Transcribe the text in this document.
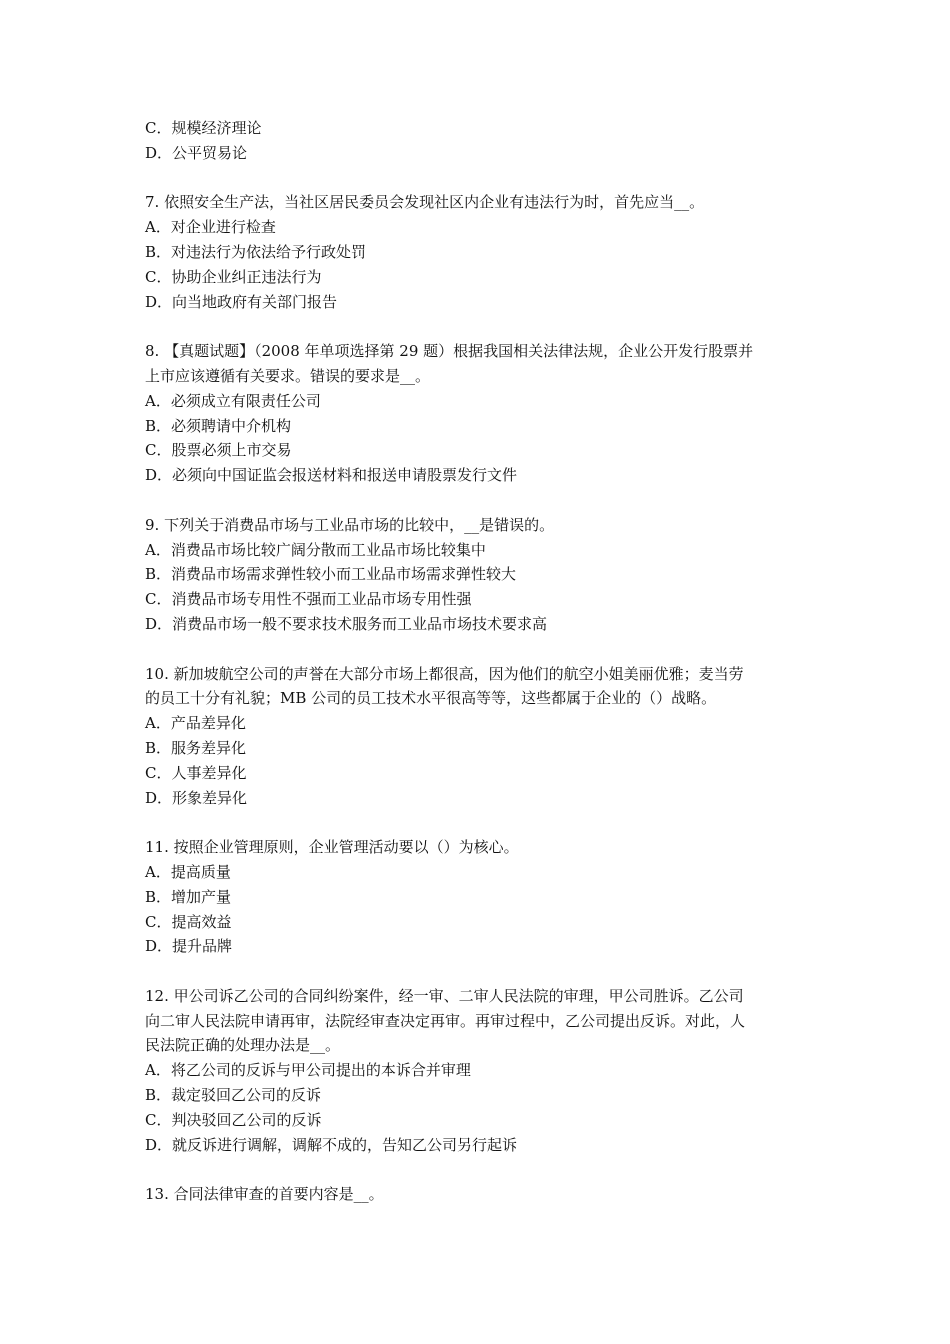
C．规模经济理论

D．公平贸易论

7. 依照安全生产法，当社区居民委员会发现社区内企业有违法行为时，首先应当__。

A．对企业进行检查

B．对违法行为依法给予行政处罚

C．协助企业纠正违法行为

D．向当地政府有关部门报告

8. 【真题试题】（2008 年单项选择第 29 题）根据我国相关法律法规，企业公开发行股票并

上市应该遵循有关要求。错误的要求是__。

A．必须成立有限责任公司

B．必须聘请中介机构

C．股票必须上市交易

D．必须向中国证监会报送材料和报送申请股票发行文件

9. 下列关于消费品市场与工业品市场的比较中，__是错误的。

A．消费品市场比较广阔分散而工业品市场比较集中

B．消费品市场需求弹性较小而工业品市场需求弹性较大

C．消费品市场专用性不强而工业品市场专用性强

D．消费品市场一般不要求技术服务而工业品市场技术要求高

10. 新加坡航空公司的声誉在大部分市场上都很高，因为他们的航空小姐美丽优雅；麦当劳

的员工十分有礼貌；MB 公司的员工技术水平很高等等，这些都属于企业的（）战略。

A．产品差异化

B．服务差异化

C．人事差异化

D．形象差异化

11. 按照企业管理原则，企业管理活动要以（）为核心。

A．提高质量

B．增加产量

C．提高效益

D．提升品牌

12. 甲公司诉乙公司的合同纠纷案件，经一审、二审人民法院的审理，甲公司胜诉。乙公司

向二审人民法院申请再审，法院经审查决定再审。再审过程中，乙公司提出反诉。对此，人

民法院正确的处理办法是__。

A．将乙公司的反诉与甲公司提出的本诉合并审理

B．裁定驳回乙公司的反诉

C．判决驳回乙公司的反诉

D．就反诉进行调解，调解不成的，告知乙公司另行起诉

13. 合同法律审查的首要内容是__。
